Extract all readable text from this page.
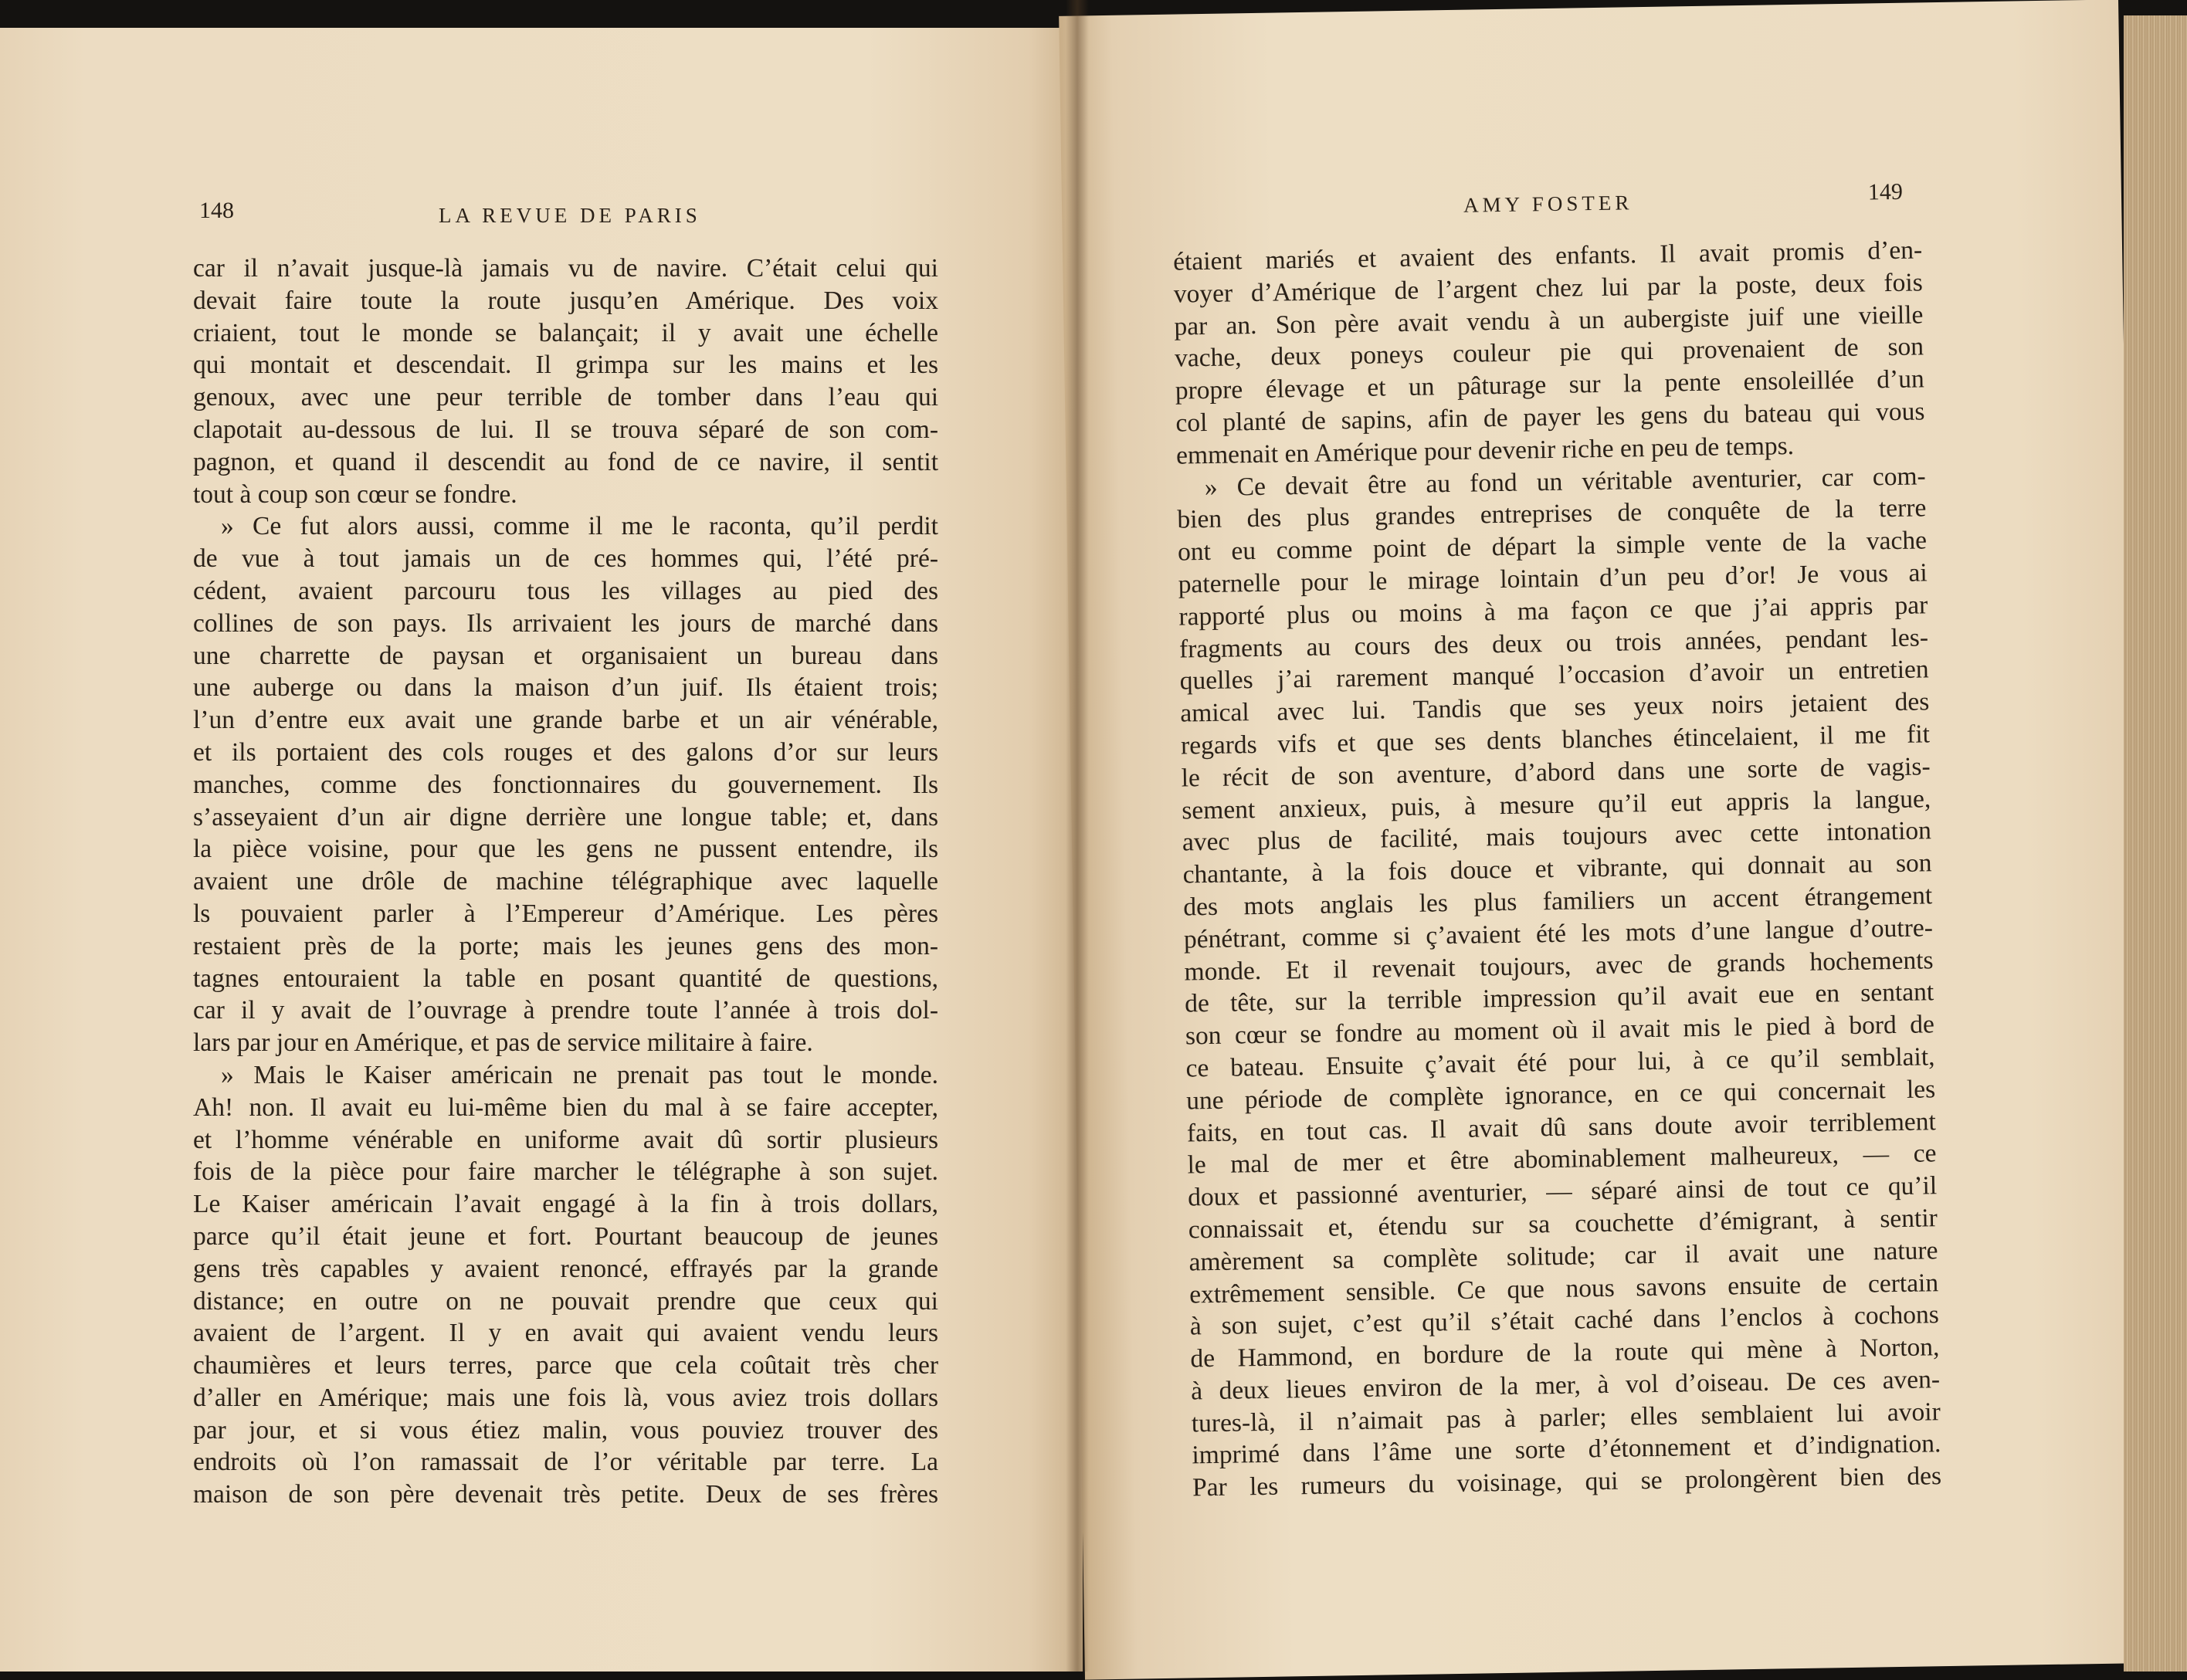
148	LA REVUE DE PARIS
car il n’avait jusque-là jamais vu de navire. C’était celui qui
devait faire toute la route jusqu’en Amérique. Des voix
criaient, tout le monde se balançait; il y avait une échelle
qui montait et descendait. Il grimpa sur les mains et les
genoux, avec une peur terrible de tomber dans l’eau qui
clapotait au-dessous de lui. Il se trouva séparé de son com-
pagnon, et quand il descendit au fond de ce navire, il sentit
tout à coup son cœur se fondre.
» Ce fut alors aussi, comme il me le raconta, qu’il perdit
de vue à tout jamais un de ces hommes qui, l’été pré-
cédent, avaient parcouru tous les villages au pied des
collines de son pays. Ils arrivaient les jours de marché dans
une charrette de paysan et organisaient un bureau dans
une auberge ou dans la maison d’un juif. Ils étaient trois;
l’un d’entre eux avait une grande barbe et un air vénérable,
et ils portaient des cols rouges et des galons d’or sur leurs
manches, comme des fonctionnaires du gouvernement. Ils
s’asseyaient d’un air digne derrière une longue table; et, dans
la pièce voisine, pour que les gens ne pussent entendre, ils
avaient une drôle de machine télégraphique avec laquelle
ls pouvaient parler à l’Empereur d’Amérique. Les pères
restaient près de la porte; mais les jeunes gens des mon-
tagnes entouraient la table en posant quantité de questions,
car il y avait de l’ouvrage à prendre toute l’année à trois dol-
lars par jour en Amérique, et pas de service militaire à faire.
» Mais le Kaiser américain ne prenait pas tout le monde.
Ah! non. Il avait eu lui-même bien du mal à se faire accepter,
et l’homme vénérable en uniforme avait dû sortir plusieurs
fois de la pièce pour faire marcher le télégraphe à son sujet.
Le Kaiser américain l’avait engagé à la fin à trois dollars,
parce qu’il était jeune et fort. Pourtant beaucoup de jeunes
gens très capables y avaient renoncé, effrayés par la grande
distance; en outre on ne pouvait prendre que ceux qui
avaient de l’argent. Il y en avait qui avaient vendu leurs
chaumières et leurs terres, parce que cela coûtait très cher
d’aller en Amérique; mais une fois là, vous aviez trois dollars
par jour, et si vous étiez malin, vous pouviez trouver des
endroits où l’on ramassait de l’or véritable par terre. La
maison de son père devenait très petite. Deux de ses frères
AMY FOSTER	149
étaient mariés et avaient des enfants. Il avait promis d’en-
voyer d’Amérique de l’argent chez lui par la poste, deux fois
par an. Son père avait vendu à un aubergiste juif une vieille
vache, deux poneys couleur pie qui provenaient de son
propre élevage et un pâturage sur la pente ensoleillée d’un
col planté de sapins, afin de payer les gens du bateau qui vous
emmenait en Amérique pour devenir riche en peu de temps.
» Ce devait être au fond un véritable aventurier, car com-
bien des plus grandes entreprises de conquête de la terre
ont eu comme point de départ la simple vente de la vache
paternelle pour le mirage lointain d’un peu d’or! Je vous ai
rapporté plus ou moins à ma façon ce que j’ai appris par
fragments au cours des deux ou trois années, pendant les-
quelles j’ai rarement manqué l’occasion d’avoir un entretien
amical avec lui. Tandis que ses yeux noirs jetaient des
regards vifs et que ses dents blanches étincelaient, il me fit
le récit de son aventure, d’abord dans une sorte de vagis-
sement anxieux, puis, à mesure qu’il eut appris la langue,
avec plus de facilité, mais toujours avec cette intonation
chantante, à la fois douce et vibrante, qui donnait au son
des mots anglais les plus familiers un accent étrangement
pénétrant, comme si ç’avaient été les mots d’une langue d’outre-
monde. Et il revenait toujours, avec de grands hochements
de tête, sur la terrible impression qu’il avait eue en sentant
son cœur se fondre au moment où il avait mis le pied à bord de
ce bateau. Ensuite ç’avait été pour lui, à ce qu’il semblait,
une période de complète ignorance, en ce qui concernait les
faits, en tout cas. Il avait dû sans doute avoir terriblement
le mal de mer et être abominablement malheureux, — ce
doux et passionné aventurier, — séparé ainsi de tout ce qu’il
connaissait et, étendu sur sa couchette d’émigrant, à sentir
amèrement sa complète solitude; car il avait une nature
extrêmement sensible. Ce que nous savons ensuite de certain
à son sujet, c’est qu’il s’était caché dans l’enclos à cochons
de Hammond, en bordure de la route qui mène à Norton,
à deux lieues environ de la mer, à vol d’oiseau. De ces aven-
tures-là, il n’aimait pas à parler; elles semblaient lui avoir
imprimé dans l’âme une sorte d’étonnement et d’indignation.
Par les rumeurs du voisinage, qui se prolongèrent bien des
